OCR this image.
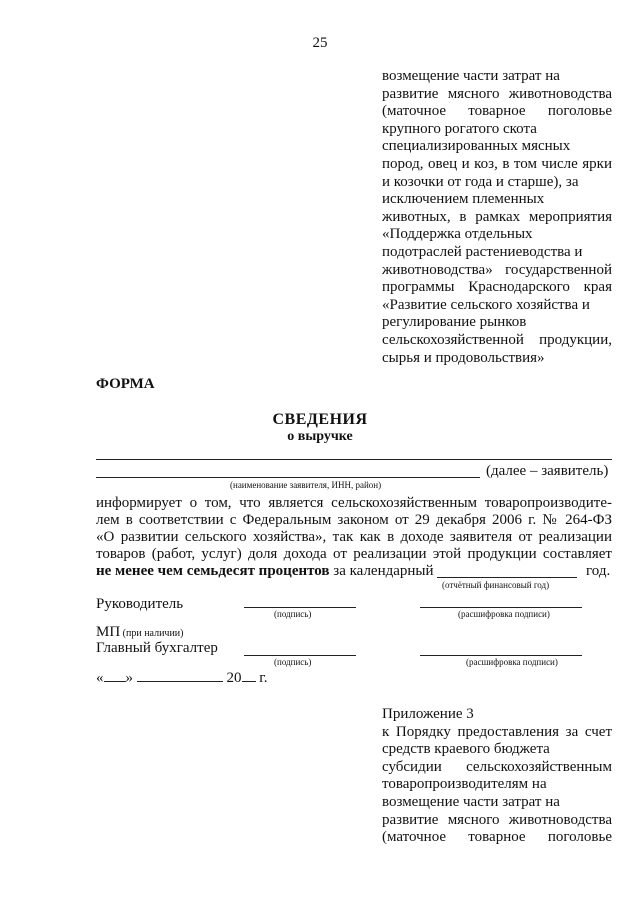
25
возмещение части затрат на
развитие мясного животноводства
(маточное товарное поголовье
крупного рогатого скота
специализированных мясных
пород, овец и коз, в том числе ярки
и козочки от года и старше), за
исключением племенных
животных, в рамках мероприятия
«Поддержка отдельных
подотраслей растениеводства и
животноводства» государственной
программы Краснодарского края
«Развитие сельского хозяйства и
регулирование рынков
сельскохозяйственной продукции,
сырья и продовольствия»
ФОРМА
СВЕДЕНИЯ
о выручке
(далее – заявитель)
(наименование заявителя, ИНН, район)
информирует о том, что является сельскохозяйственным товаропроизводите-
лем в соответствии с Федеральным законом от 29 декабря 2006 г. № 264-ФЗ
«О развитии сельского хозяйства», так как в доходе заявителя от реализации
товаров (работ, услуг) доля дохода от реализации этой продукции составляет
не менее чем семьдесят процентов за календарный	год.
(отчётный финансовый год)
Руководитель
(подпись)	(расшифровка подписи)
МП (при наличии)
Главный бухгалтер
(подпись)	(расшифровка подписи)
« »	20 г.
Приложение 3
к Порядку предоставления за счет
средств краевого бюджета
субсидии сельскохозяйственным
товаропроизводителям на
возмещение части затрат на
развитие мясного животноводства
(маточное товарное поголовье
